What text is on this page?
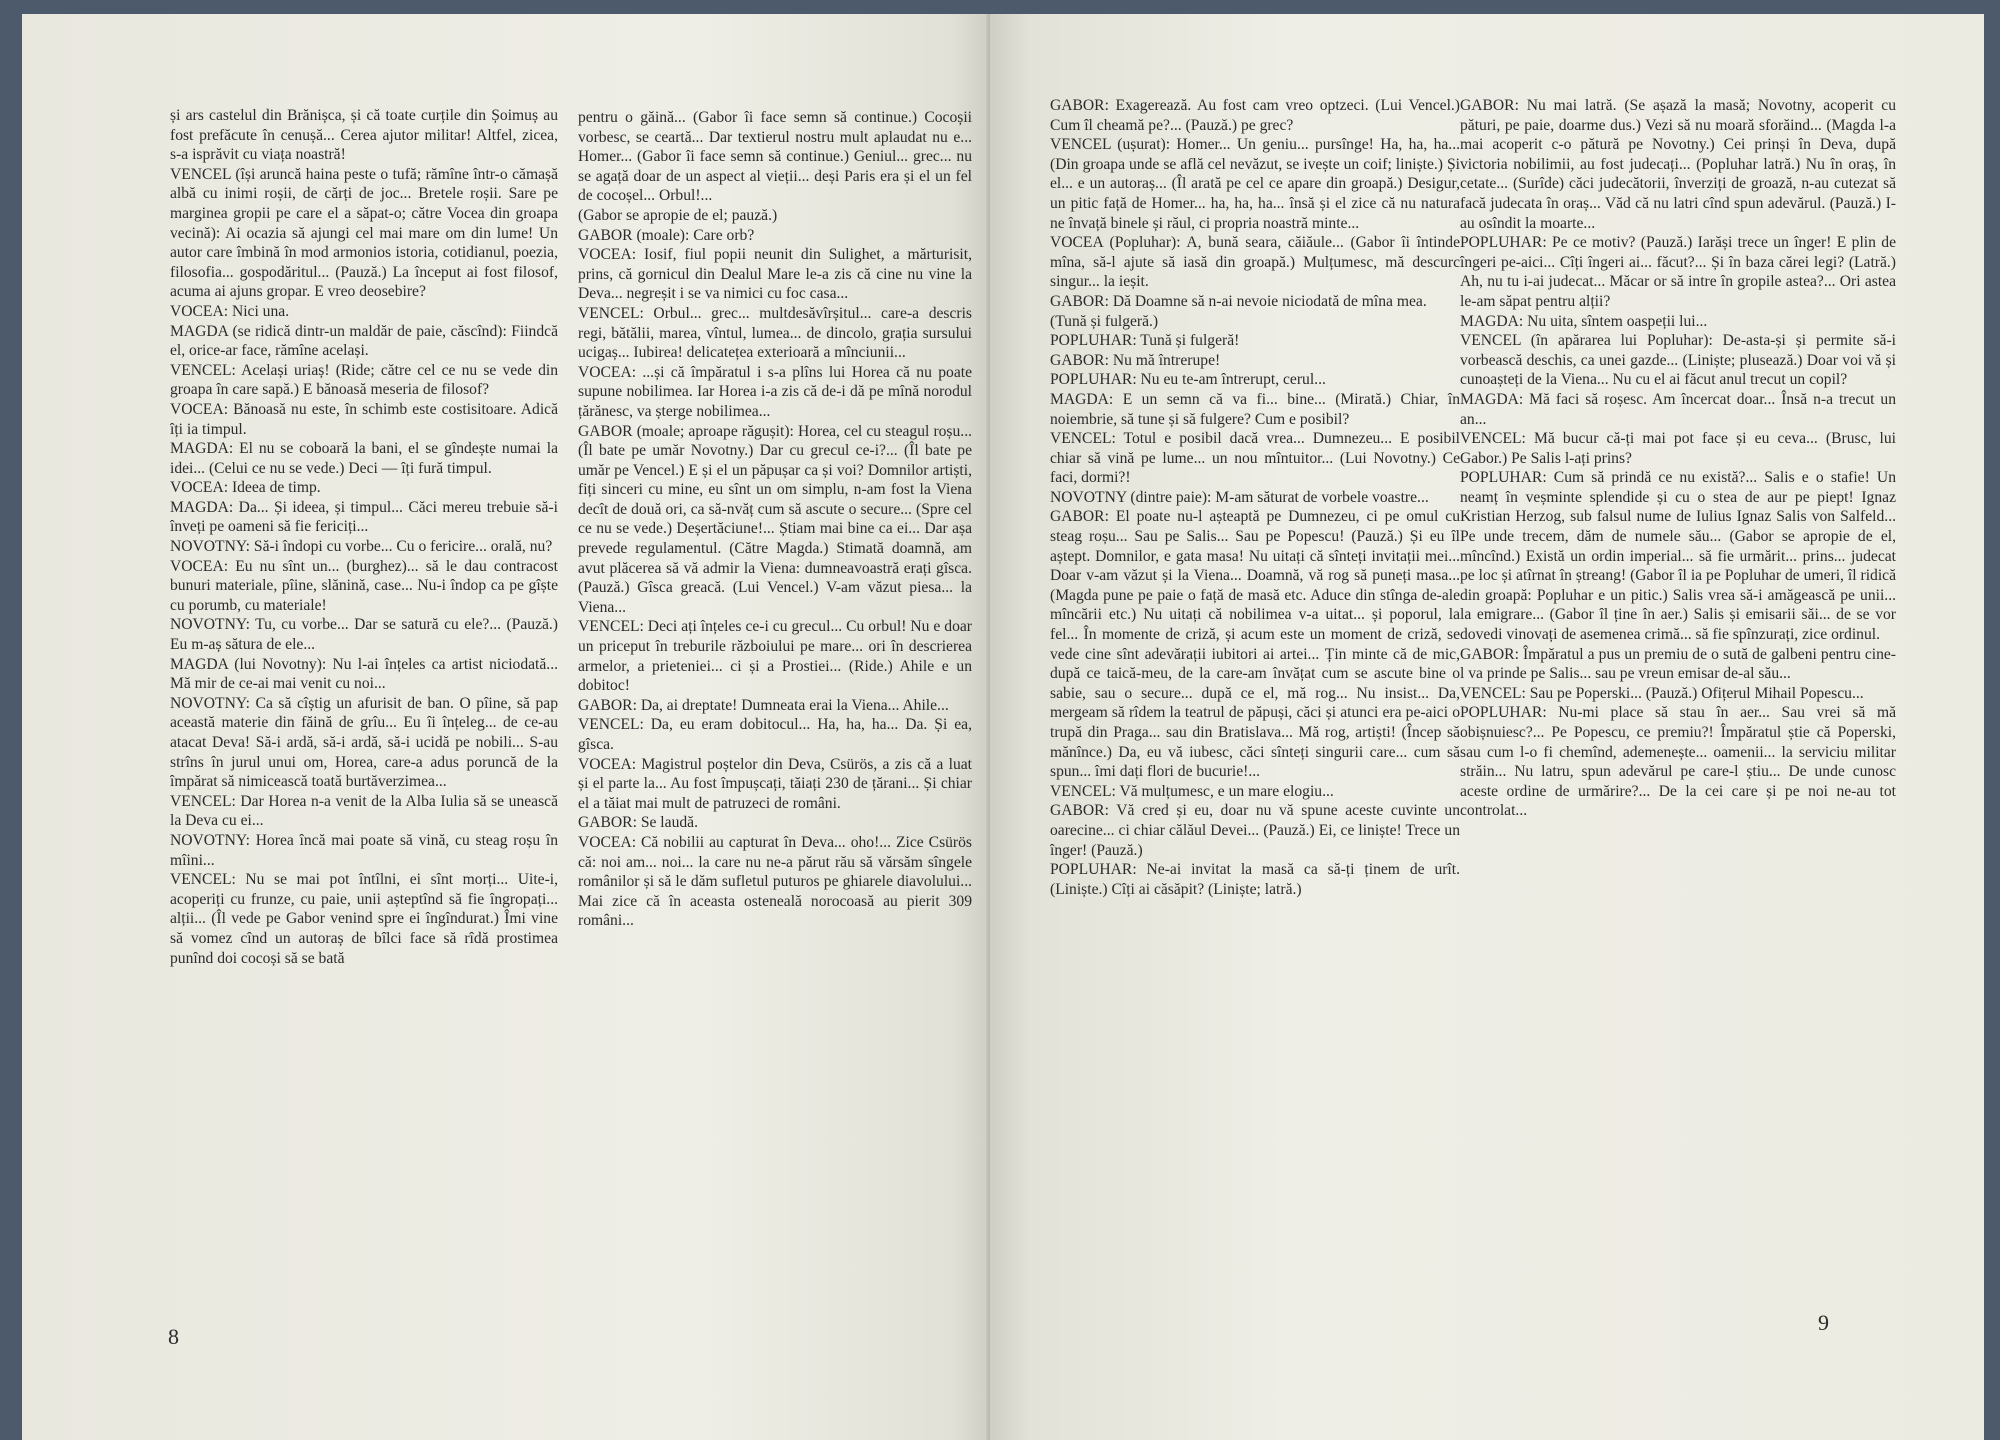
și ars castelul din Brănișca, și că toate curțile din Șoimuș au fost prefăcute în cenușă... Cerea ajutor militar! Altfel, zicea, s-a isprăvit cu viața noastră!
VENCEL (își aruncă haina peste o tufă; rămîne într-o cămașă albă cu inimi roșii, de cărți de joc... Bretele roșii. Sare pe marginea gropii pe care el a săpat-o; către Vocea din groapa vecină): Ai ocazia să ajungi cel mai mare om din lume! Un autor care îmbină în mod armonios istoria, cotidianul, poezia, filosofia... gospodăritul... (Pauză.) La început ai fost filosof, acuma ai ajuns gropar. E vreo deosebire?
VOCEA: Nici una.
MAGDA (se ridică dintr-un maldăr de paie, căscînd): Fiindcă el, orice-ar face, rămîne același.
VENCEL: Același uriaș! (Ride; către cel ce nu se vede din groapa în care sapă.) E bănoasă meseria de filosof?
VOCEA: Bănoasă nu este, în schimb este costisitoare. Adică îți ia timpul.
MAGDA: El nu se coboară la bani, el se gîndește numai la idei... (Celui ce nu se vede.) Deci — îți fură timpul.
VOCEA: Ideea de timp.
MAGDA: Da... Și ideea, și timpul... Căci mereu trebuie să-i înveți pe oameni să fie fericiți...
NOVOTNY: Să-i îndopi cu vorbe... Cu o fericire... orală, nu?
VOCEA: Eu nu sînt un... (burghez)... să le dau contracost bunuri materiale, pîine, slănină, case... Nu-i îndop ca pe gîște cu porumb, cu materiale!
NOVOTNY: Tu, cu vorbe... Dar se satură cu ele?... (Pauză.) Eu m-aș sătura de ele...
MAGDA (lui Novotny): Nu l-ai înțeles ca artist niciodată... Mă mir de ce-ai mai venit cu noi...
NOVOTNY: Ca să cîștig un afurisit de ban. O pîine, să pap această materie din făină de grîu... Eu îi înțeleg... de ce-au atacat Deva! Să-i ardă, să-i ardă, să-i ucidă pe nobili... S-au strîns în jurul unui om, Horea, care-a adus poruncă de la împărat să nimicească toată burtăverzimea...
VENCEL: Dar Horea n-a venit de la Alba Iulia să se unească la Deva cu ei...
NOVOTNY: Horea încă mai poate să vină, cu steag roșu în mîini...
VENCEL: Nu se mai pot întîlni, ei sînt morți... Uite-i, acoperiți cu frunze, cu paie, unii așteptînd să fie îngropați... alții... (Îl vede pe Gabor venind spre ei îngîndurat.) Îmi vine să vomez cînd un autoraș de bîlci face să rîdă prostimea punînd doi cocoși să se bată
pentru o găină... (Gabor îi face semn să continue.) Cocoșii vorbesc, se ceartă... Dar textierul nostru mult aplaudat nu e... Homer... (Gabor îi face semn să continue.) Geniul... grec... nu se agață doar de un aspect al vieții... deși Paris era și el un fel de cocoșel... Orbul!...
(Gabor se apropie de el; pauză.)
GABOR (moale): Care orb?
VOCEA: Iosif, fiul popii neunit din Sulighet, a mărturisit, prins, că gornicul din Dealul Mare le-a zis că cine nu vine la Deva... negreșit i se va nimici cu foc casa...
VENCEL: Orbul... grec... multdesăvîrșitul... care-a descris regi, bătălii, marea, vîntul, lumea... de dincolo, grația sursului ucigaș... Iubirea! delicatețea exterioară a mînciunii...
VOCEA: ...și că împăratul i s-a plîns lui Horea că nu poate supune nobilimea. Iar Horea i-a zis că de-i dă pe mînă norodul țărănesc, va șterge nobilimea...
GABOR (moale; aproape răgușit): Horea, cel cu steagul roșu... (Îl bate pe umăr Novotny.) Dar cu grecul ce-i?... (Îl bate pe umăr pe Vencel.) E și el un păpușar ca și voi? Domnilor artiști, fiți sinceri cu mine, eu sînt un om simplu, n-am fost la Viena decît de două ori, ca să-nvăț cum să ascute o secure... (Spre cel ce nu se vede.) Deșertăciune!... Știam mai bine ca ei... Dar așa prevede regulamentul. (Către Magda.) Stimată doamnă, am avut plăcerea să vă admir la Viena: dumneavoastră erați gîsca. (Pauză.) Gîsca greacă. (Lui Vencel.) V-am văzut piesa... la Viena...
VENCEL: Deci ați înțeles ce-i cu grecul... Cu orbul! Nu e doar un priceput în treburile războiului pe mare... ori în descrierea armelor, a prieteniei... ci și a Prostiei... (Ride.) Ahile e un dobitoc!
GABOR: Da, ai dreptate! Dumneata erai la Viena... Ahile...
VENCEL: Da, eu eram dobitocul... Ha, ha, ha... Da. Și ea, gîsca.
VOCEA: Magistrul poștelor din Deva, Csürös, a zis că a luat și el parte la... Au fost împușcați, tăiați 230 de țărani... Și chiar el a tăiat mai mult de patruzeci de români.
GABOR: Se laudă.
VOCEA: Că nobilii au capturat în Deva... oho!... Zice Csürös că: noi am... noi... la care nu ne-a părut rău să vărsăm sîngele românilor și să le dăm sufletul puturos pe ghiarele diavolului... Mai zice că în aceasta osteneală norocoasă au pierit 309 români...
8
GABOR: Exagerează. Au fost cam vreo optzeci. (Lui Vencel.) Cum îl cheamă pe?... (Pauză.) pe grec?
VENCEL (ușurat): Homer... Un geniu... pursînge! Ha, ha, ha... (Din groapa unde se află cel nevăzut, se ivește un coif; liniște.) Și el... e un autoraș... (Îl arată pe cel ce apare din groapă.) Desigur, un pitic față de Homer... ha, ha, ha... însă și el zice că nu natura ne învață binele și răul, ci propria noastră minte...
VOCEA (Popluhar): A, bună seara, căiăule... (Gabor îi întinde mîna, să-l ajute să iasă din groapă.) Mulțumesc, mă descurc singur... la ieșit.
GABOR: Dă Doamne să n-ai nevoie niciodată de mîna mea.
(Tună și fulgeră.)
POPLUHAR: Tună și fulgeră!
GABOR: Nu mă întrerupe!
POPLUHAR: Nu eu te-am întrerupt, cerul...
MAGDA: E un semn că va fi... bine... (Mirată.) Chiar, în noiembrie, să tune și să fulgere? Cum e posibil?
VENCEL: Totul e posibil dacă vrea... Dumnezeu... E posibil chiar să vină pe lume... un nou mîntuitor... (Lui Novotny.) Ce faci, dormi?!
NOVOTNY (dintre paie): M-am săturat de vorbele voastre...
GABOR: El poate nu-l așteaptă pe Dumnezeu, ci pe omul cu steag roșu... Sau pe Salis... Sau pe Popescu! (Pauză.) Și eu îl aștept. Domnilor, e gata masa! Nu uitați că sînteți invitații mei... Doar v-am văzut și la Viena... Doamnă, vă rog să puneți masa... (Magda pune pe paie o față de masă etc. Aduce din stînga de-ale mîncării etc.) Nu uitați că nobilimea v-a uitat... și poporul, la fel... În momente de criză, și acum este un moment de criză, se vede cine sînt adevărații iubitori ai artei... Țin minte că de mic, după ce taică-meu, de la care-am învățat cum se ascute bine o sabie, sau o secure... după ce el, mă rog... Nu insist... Da, mergeam să rîdem la teatrul de păpuși, căci și atunci era pe-aici o trupă din Praga... sau din Bratislava... Mă rog, artiști! (Încep să mănînce.) Da, eu vă iubesc, căci sînteți singurii care... cum să spun... îmi dați flori de bucurie!...
VENCEL: Vă mulțumesc, e un mare elogiu...
GABOR: Vă cred și eu, doar nu vă spune aceste cuvinte un oarecine... ci chiar călăul Devei... (Pauză.) Ei, ce liniște! Trece un înger! (Pauză.)
POPLUHAR: Ne-ai invitat la masă ca să-ți ținem de urît. (Liniște.) Cîți ai căsăpit? (Liniște; latră.)
GABOR: Nu mai latră. (Se așază la masă; Novotny, acoperit cu pături, pe paie, doarme dus.) Vezi să nu moară sforăind... (Magda l-a mai acoperit c-o pătură pe Novotny.) Cei prinși în Deva, după victoria nobilimii, au fost judecați... (Popluhar latră.) Nu în oraș, în cetate... (Surîde) căci judecătorii, înverziți de groază, n-au cutezat să facă judecata în oraș... Văd că nu latri cînd spun adevărul. (Pauză.) I-au osîndit la moarte...
POPLUHAR: Pe ce motiv? (Pauză.) Iarăși trece un înger! E plin de îngeri pe-aici... Cîți îngeri ai... făcut?... Și în baza cărei legi? (Latră.) Ah, nu tu i-ai judecat... Măcar or să intre în gropile astea?... Ori astea le-am săpat pentru alții?
MAGDA: Nu uita, sîntem oaspeții lui...
VENCEL (în apărarea lui Popluhar): De-asta-și și permite să-i vorbească deschis, ca unei gazde... (Liniște; plusează.) Doar voi vă și cunoașteți de la Viena... Nu cu el ai făcut anul trecut un copil?
MAGDA: Mă faci să roșesc. Am încercat doar... Însă n-a trecut un an...
VENCEL: Mă bucur că-ți mai pot face și eu ceva... (Brusc, lui Gabor.) Pe Salis l-ați prins?
POPLUHAR: Cum să prindă ce nu există?... Salis e o stafie! Un neamț în veșminte splendide și cu o stea de aur pe piept! Ignaz Kristian Herzog, sub falsul nume de Iulius Ignaz Salis von Salfeld... Pe unde trecem, dăm de numele său... (Gabor se apropie de el, mîncînd.) Există un ordin imperial... să fie urmărit... prins... judecat pe loc și atîrnat în ștreang! (Gabor îl ia pe Popluhar de umeri, îl ridică din groapă: Popluhar e un pitic.) Salis vrea să-i amăgească pe unii... la emigrare... (Gabor îl ține în aer.) Salis și emisarii săi... de se vor dovedi vinovați de asemenea crimă... să fie spînzurați, zice ordinul.
GABOR: Împăratul a pus un premiu de o sută de galbeni pentru cine-l va prinde pe Salis... sau pe vreun emisar de-al său...
VENCEL: Sau pe Poperski... (Pauză.) Ofițerul Mihail Popescu...
POPLUHAR: Nu-mi place să stau în aer... Sau vrei să mă obișnuiesc?... Pe Popescu, ce premiu?! Împăratul știe că Poperski, sau cum l-o fi chemînd, ademenește... oamenii... la serviciu militar străin... Nu latru, spun adevărul pe care-l știu... De unde cunosc aceste ordine de urmărire?... De la cei care și pe noi ne-au tot controlat...
9
